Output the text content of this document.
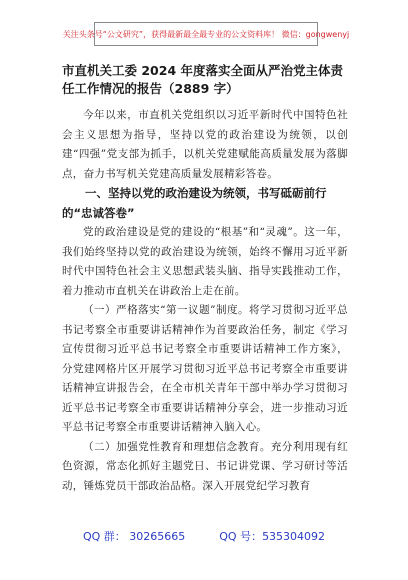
关注头条号“公文研究”，获得最新最全最专业的公文资料库！ 微信：gongwenyj

市直机关工委 2024 年度落实全面从严治党主体责任工作情况的报告（2889 字）

今年以来，市直机关党组织以习近平新时代中国特色社会主义思想为指导，坚持以党的政治建设为统领，以创建“四强”党支部为抓手，以机关党建赋能高质量发展为落脚点，奋力书写机关党建高质量发展精彩答卷。

一、坚持以党的政治建设为统领，书写砥砺前行的“忠诚答卷”

党的政治建设是党的建设的“根基”和“灵魂”。这一年，我们始终坚持以党的政治建设为统领，始终不懈用习近平新时代中国特色社会主义思想武装头脑、指导实践推动工作，着力推动市直机关在讲政治上走在前。

（一）严格落实“第一议题”制度。将学习贯彻习近平总书记考察全市重要讲话精神作为首要政治任务，制定《学习宣传贯彻习近平总书记考察全市重要讲话精神工作方案》，分党建网格片区开展学习贯彻习近平总书记考察全市重要讲话精神宣讲报告会，在全市机关青年干部中举办学习贯彻习近平总书记考察全市重要讲话精神分享会，进一步推动习近平总书记考察全市重要讲话精神入脑入心。

（二）加强党性教育和理想信念教育。充分利用现有红色资源，常态化抓好主题党日、书记讲党课、学习研讨等活动，锤炼党员干部政治品格。深入开展党纪学习教育

QQ 群： 30265665	QQ 号：535304092
